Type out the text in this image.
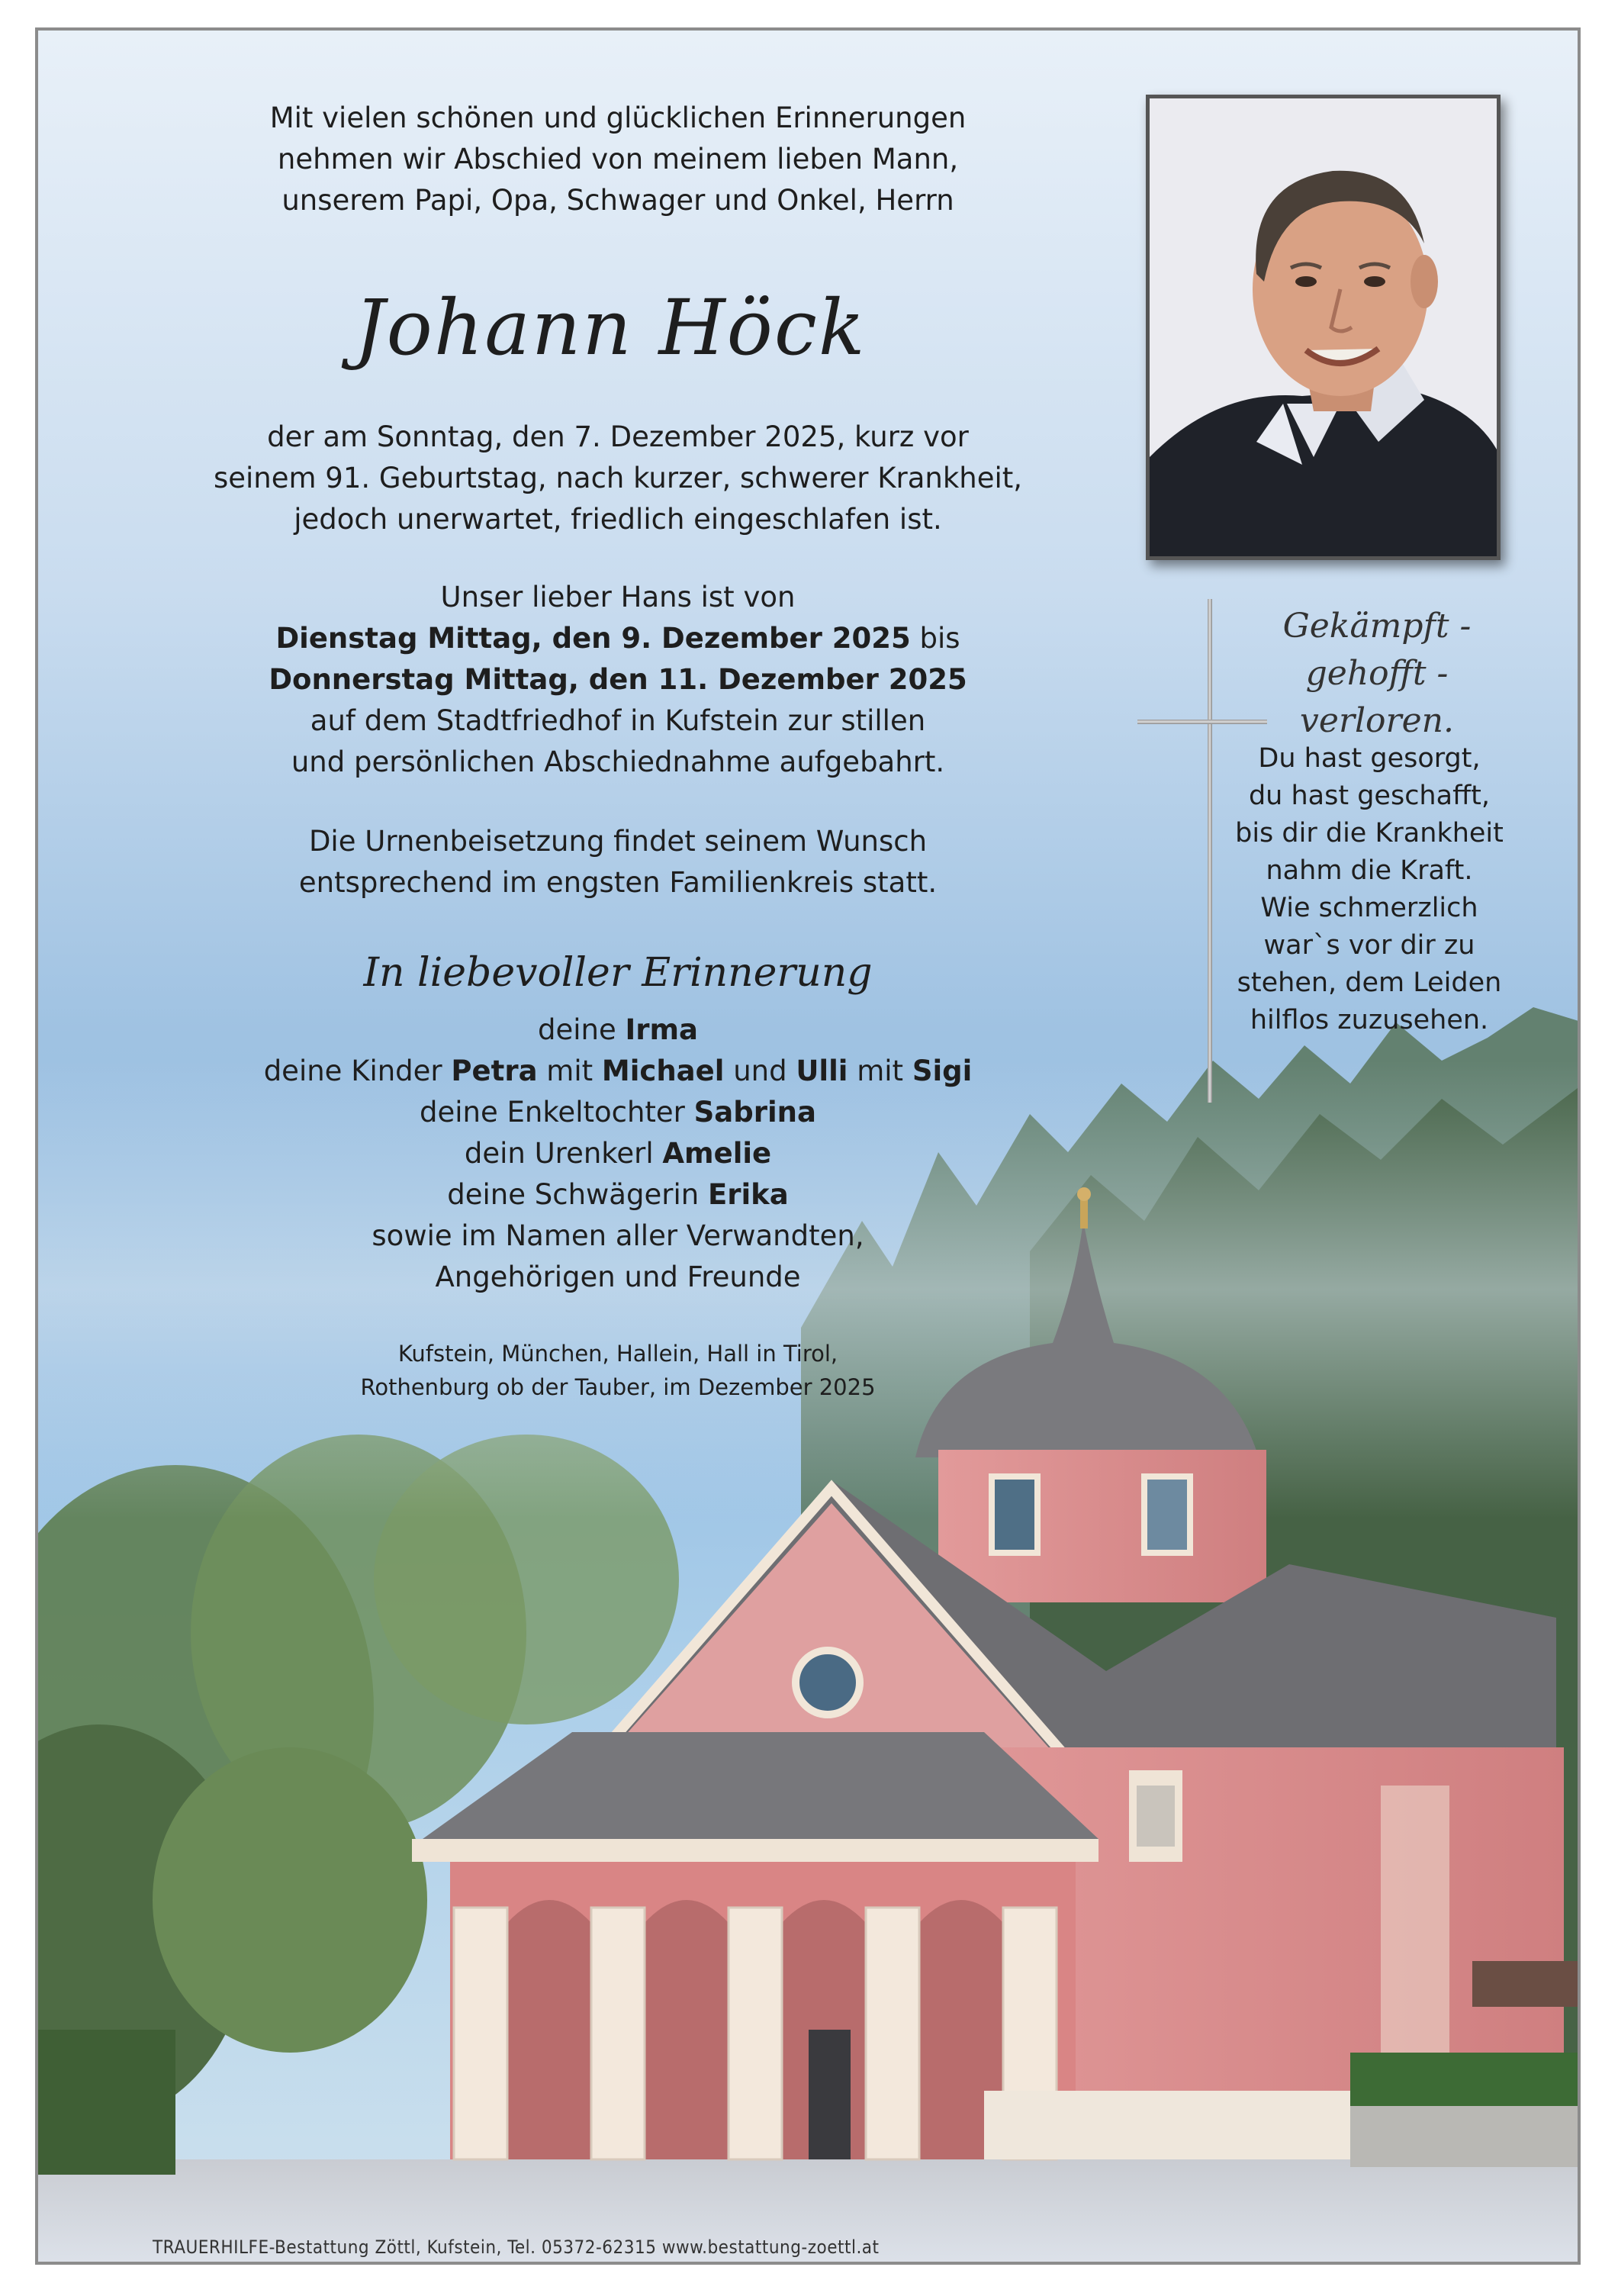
Mit vielen schönen und glücklichen Erinnerungen
nehmen wir Abschied von meinem lieben Mann,
unserem Papi, Opa, Schwager und Onkel, Herrn
Johann Höck
der am Sonntag, den 7. Dezember 2025, kurz vor
seinem 91. Geburtstag, nach kurzer, schwerer Krankheit,
jedoch unerwartet, friedlich eingeschlafen ist.
Unser lieber Hans ist von
Dienstag Mittag, den 9. Dezember 2025 bis
Donnerstag Mittag, den 11. Dezember 2025
auf dem Stadtfriedhof in Kufstein zur stillen
und persönlichen Abschiednahme aufgebahrt.
Die Urnenbeisetzung findet seinem Wunsch
entsprechend im engsten Familienkreis statt.
In liebevoller Erinnerung
deine Irma
deine Kinder Petra mit Michael und Ulli mit Sigi
deine Enkeltochter Sabrina
dein Urenkerl Amelie
deine Schwägerin Erika
sowie im Namen aller Verwandten,
Angehörigen und Freunde
Kufstein, München, Hallein, Hall in Tirol,
Rothenburg ob der Tauber, im Dezember 2025
Gekämpft -
gehofft - verloren.
Du hast gesorgt,
du hast geschafft,
bis dir die Krankheit
nahm die Kraft.
Wie schmerzlich
war`s vor dir zu
stehen, dem Leiden
hilflos zuzusehen.
TRAUERHILFE-Bestattung Zöttl, Kufstein, Tel. 05372-62315 www.bestattung-zoettl.at
